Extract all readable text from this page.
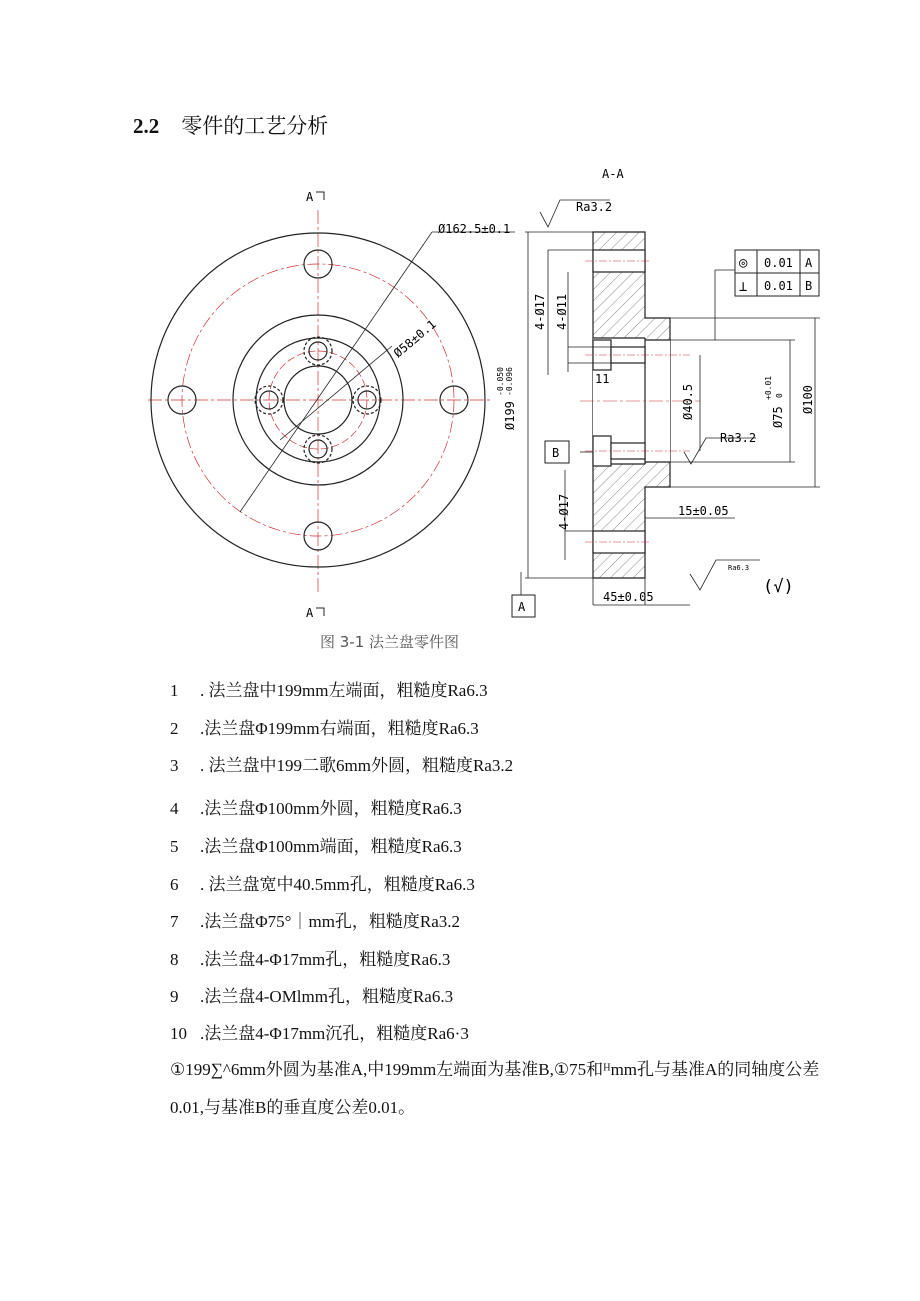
2.2 零件的工艺分析
A
A
Ø162.5±0.1
Ø58±0.1
Ø199
-0.050 -0.096
Ra3.2
A-A
4-Ø17 4-Ø11
11
B
4-Ø17
A
Ø40.5	Ø75
+0.01 0 Ø100
Ra3.2
15±0.05
45±0.05
Ra6.3
(√)
◎ 0.01 A
⊥ 0.01 B
图 3-1 法兰盘零件图
1 . 法兰盘中199mm左端面，粗糙度Ra6.3
2 .法兰盘Φ199mm右端面，粗糙度Ra6.3
3 . 法兰盘中199二歌6mm外圆，粗糙度Ra3.2
4 .法兰盘Φ100mm外圆，粗糙度Ra6.3
5 .法兰盘Φ100mm端面，粗糙度Ra6.3
6 . 法兰盘宽中40.5mm孔，粗糙度Ra6.3
7 .法兰盘Φ75°｜mm孔，粗糙度Ra3.2
8 .法兰盘4-Φ17mm孔，粗糙度Ra6.3
9 .法兰盘4-OMlmm孔，粗糙度Ra6.3
10 .法兰盘4-Φ17mm沉孔，粗糙度Ra6·3
①199∑^6mm外圆为基准A,中199mm左端面为基准B,①75和ᴴmm孔与基准A的同轴度公差0.01,与基准B的垂直度公差0.01。
